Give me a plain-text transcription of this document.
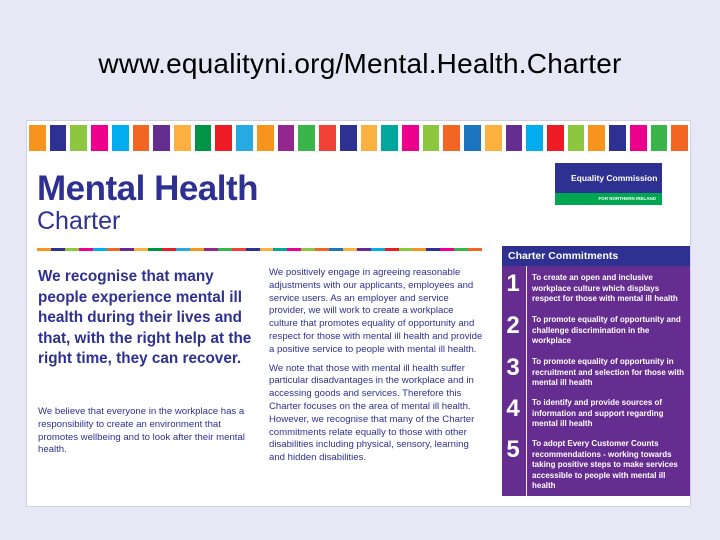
www.equalityni.org/Mental.Health.Charter
Mental Health
Charter
Equality Commission
FOR NORTHERN IRELAND
We recognise that many people experience mental ill health during their lives and that, with the right help at the right time, they can recover.
We believe that everyone in the workplace has a responsibility to create an environment that promotes wellbeing and to look after their mental health.

We positively engage in agreeing reasonable adjustments with our applicants, employees and service users. As an employer and service provider, we will work to create a workplace culture that promotes equality of opportunity and respect for those with mental ill health and provide a positive service to people with mental ill health.

We note that those with mental ill health suffer particular disadvantages in the workplace and in accessing goods and services. Therefore this Charter focuses on the area of mental ill health. However, we recognise that many of the Charter commitments relate equally to those with other disabilities including physical, sensory, learning and hidden disabilities.

Charter Commitments
1	To create an open and inclusive workplace culture which displays respect for those with mental ill health
2	To promote equality of opportunity and challenge discrimination in the workplace
3	To promote equality of opportunity in recruitment and selection for those with mental ill health
4	To identify and provide sources of information and support regarding mental ill health
5	To adopt Every Customer Counts recommendations - working towards taking positive steps to make services accessible to people with mental ill health
